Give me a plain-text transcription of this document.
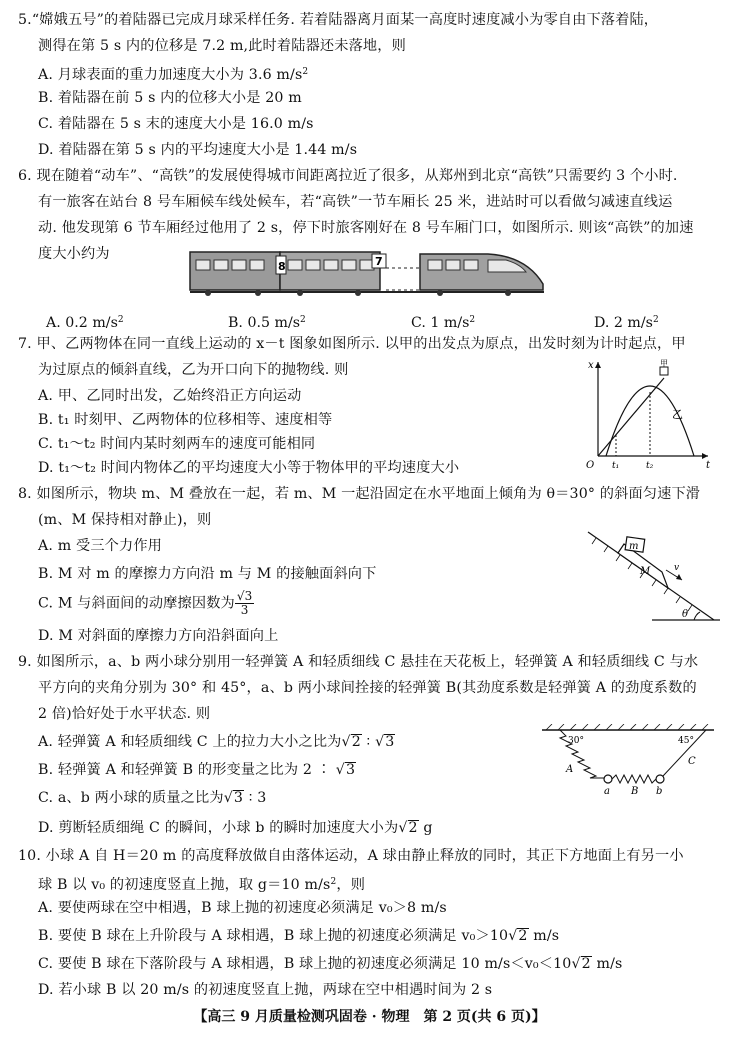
5.“嫦娥五号”的着陆器已完成月球采样任务. 若着陆器离月面某一高度时速度减小为零自由下落着陆，
测得在第 5 s 内的位移是 7.2 m,此时着陆器还未落地，则
A. 月球表面的重力加速度大小为 3.6 $m/s^2$
B. 着陆器在前 5 s 内的位移大小是 20 m
C. 着陆器在 5 s 末的速度大小是 16.0 m/s
D. 着陆器在第 5 s 内的平均速度大小是 1.44 m/s
6. 现在随着“动车”、“高铁”的发展使得城市间距离拉近了很多，从郑州到北京“高铁”只需要约 3 个小时.
有一旅客在站台 8 号车厢候车线处候车，若“高铁”一节车厢长 25 米，进站时可以看做匀减速直线运
动. 他发现第 6 节车厢经过他用了 2 s，停下时旅客刚好在 8 号车厢门口，如图所示. 则该“高铁”的加速
度大小约为
8	7
A. 0.2 $m/s^2$	B. 0.5 $m/s^2$	C. 1 $m/s^2$	D. 2 $m/s^2$
7. 甲、乙两物体在同一直线上运动的 x－t 图象如图所示. 以甲的出发点为原点，出发时刻为计时起点，甲
为过原点的倾斜直线，乙为开口向下的抛物线. 则
A. 甲、乙同时出发，乙始终沿正方向运动
B. t₁ 时刻甲、乙两物体的位移相等、速度相等
C. t₁～t₂ 时间内某时刻两车的速度可能相同
D. t₁～t₂ 时间内物体乙的平均速度大小等于物体甲的平均速度大小
x
t
O t₁	t₂
甲
乙
8. 如图所示，物块 m、M 叠放在一起，若 m、M 一起沿固定在水平地面上倾角为 θ＝30° 的斜面匀速下滑
(m、M 保持相对静止)，则
A. m 受三个力作用
B. M 对 m 的摩擦力方向沿 m 与 M 的接触面斜向下
C. M 与斜面间的动摩擦因数为 $\frac{√3}{3}$
D. M 对斜面的摩擦力方向沿斜面向上
m
M	v
θ
9. 如图所示，a、b 两小球分别用一轻弹簧 A 和轻质细线 C 悬挂在天花板上，轻弹簧 A 和轻质细线 C 与水
平方向的夹角分别为 30° 和 45°，a、b 两小球间拴接的轻弹簧 B(其劲度系数是轻弹簧 A 的劲度系数的
2 倍)恰好处于水平状态. 则
A. 轻弹簧 A 和轻质细线 C 上的拉力大小之比为√2 ∶ √3
B. 轻弹簧 A 和轻弹簧 B 的形变量之比为 2 ∶ √3
C. a、b 两小球的质量之比为√3 ∶ 3
D. 剪断轻质细绳 C 的瞬间，小球 b 的瞬时加速度大小为√2 g
30°	45°
A
B
C
a	b
10. 小球 A 自 H＝20 m 的高度释放做自由落体运动，A 球由静止释放的同时，其正下方地面上有另一小
球 B 以 v₀ 的初速度竖直上抛，取 g＝10 $m/s^2$，则
A. 要使两球在空中相遇，B 球上抛的初速度必须满足 v₀＞8 m/s
B. 要使 B 球在上升阶段与 A 球相遇，B 球上抛的初速度必须满足 v₀＞10√2 m/s
C. 要使 B 球在下落阶段与 A 球相遇，B 球上抛的初速度必须满足 10 m/s＜v₀＜10√2 m/s
D. 若小球 B 以 20 m/s 的初速度竖直上抛，两球在空中相遇时间为 2 s
【高三 9 月质量检测巩固卷 · 物理　第 2 页(共 6 页)】
